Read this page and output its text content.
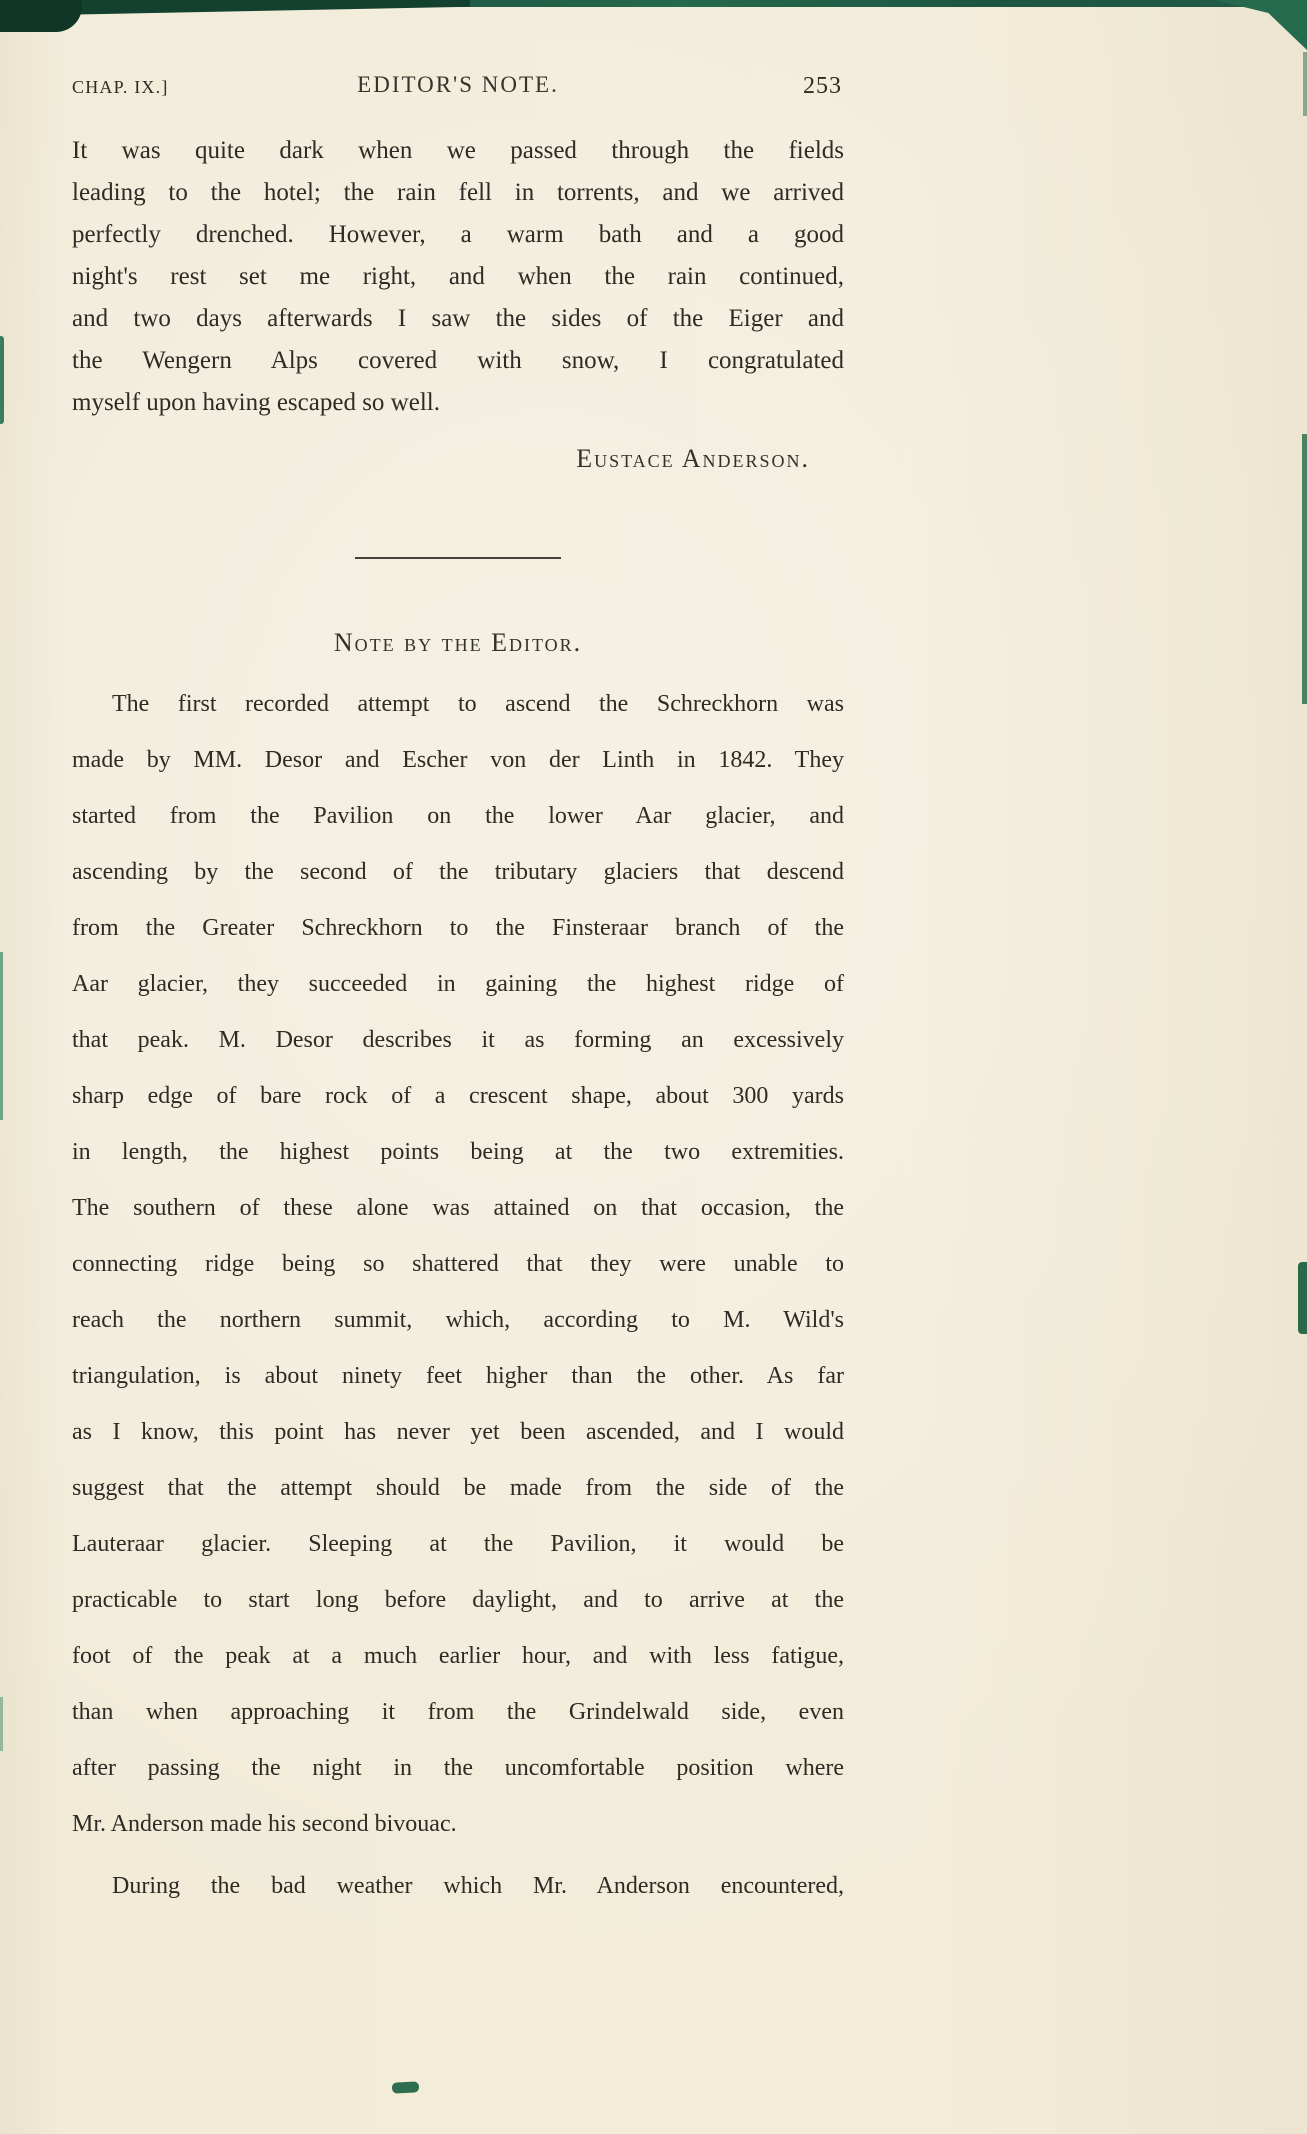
CHAP. IX.]	EDITOR'S NOTE.	253
It was quite dark when we passed through the fields
leading to the hotel; the rain fell in torrents, and we arrived
perfectly drenched. However, a warm bath and a good
night's rest set me right, and when the rain continued,
and two days afterwards I saw the sides of the Eiger and
the Wengern Alps covered with snow, I congratulated
myself upon having escaped so well.
Eustace Anderson.
Note by the Editor.
The first recorded attempt to ascend the Schreckhorn was
made by MM. Desor and Escher von der Linth in 1842. They
started from the Pavilion on the lower Aar glacier, and
ascending by the second of the tributary glaciers that descend
from the Greater Schreckhorn to the Finsteraar branch of the
Aar glacier, they succeeded in gaining the highest ridge of
that peak. M. Desor describes it as forming an excessively
sharp edge of bare rock of a crescent shape, about 300 yards
in length, the highest points being at the two extremities.
The southern of these alone was attained on that occasion, the
connecting ridge being so shattered that they were unable to
reach the northern summit, which, according to M. Wild's
triangulation, is about ninety feet higher than the other. As far
as I know, this point has never yet been ascended, and I would
suggest that the attempt should be made from the side of the
Lauteraar glacier. Sleeping at the Pavilion, it would be
practicable to start long before daylight, and to arrive at the
foot of the peak at a much earlier hour, and with less fatigue,
than when approaching it from the Grindelwald side, even
after passing the night in the uncomfortable position where
Mr. Anderson made his second bivouac.
During the bad weather which Mr. Anderson encountered,
